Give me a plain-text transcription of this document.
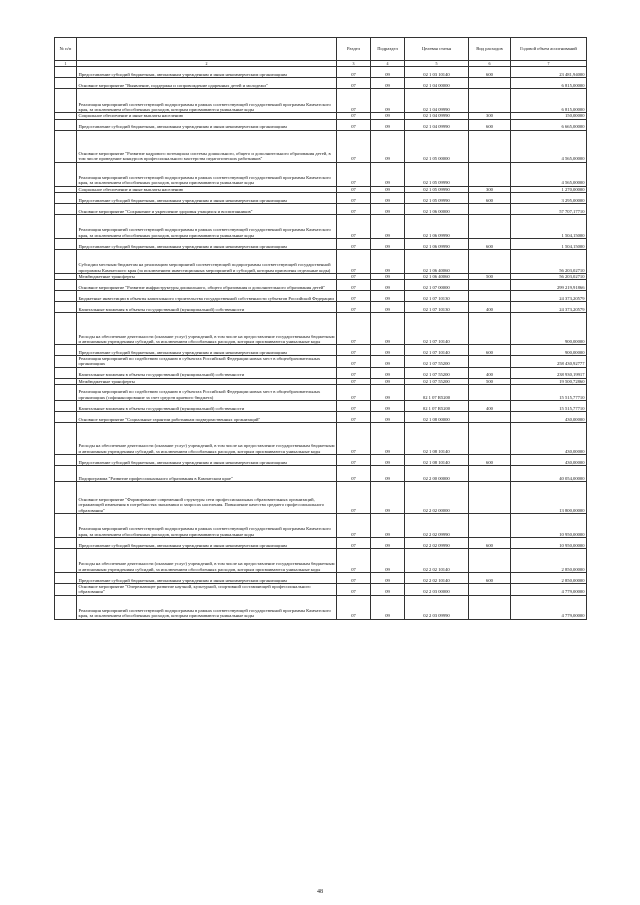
№ п/п		Раздел	Подраздел	Целевая статья	Вид расходов	Годовой объем ассигнований
1	2	3	4	5	6	7
	Предоставление субсидий бюджетным, автономным учреждениям и иным некоммерческим организациям	07	09	02 1 03 10140	600	23 481,94000
	Основное мероприятие "Выявление, поддержка и сопровождение одаренных детей и молодежи"	07	09	02 1 04 00000		6 815,00000
	Реализация мероприятий соответствующей подпрограммы в рамках соответствующей государственной программы Камчатского края, за исключением обособленных расходов, которым присваиваются уникальные коды	07	09	02 1 04 09990		6 815,00000
	Социальное обеспечение и иные выплаты населению	07	09	02 1 04 09990	300	150,00000
	Предоставление субсидий бюджетным, автономным учреждениям и иным некоммерческим организациям	07	09	02 1 04 09990	600	6 665,00000
	Основное мероприятие "Развитие кадрового потенциала системы дошкольного, общего и дополнительного образования детей, в том числе проведение конкурсов профессионального мастерства педагогических работников"	07	09	02 1 05 00000		4 565,00000
	Реализация мероприятий соответствующей подпрограммы в рамках соответствующей государственной программы Камчатского края, за исключением обособленных расходов, которым присваиваются уникальные коды	07	09	02 1 05 09990		4 565,00000
	Социальное обеспечение и иные выплаты населению	07	09	02 1 05 09990	300	1 270,00000
	Предоставление субсидий бюджетным, автономным учреждениям и иным некоммерческим организациям	07	09	02 1 05 09990	600	3 295,00000
	Основное мероприятие "Сохранение и укрепление здоровья учащихся и воспитанников"	07	09	02 1 06 00000		57 707,17710
	Реализация мероприятий соответствующей подпрограммы в рамках соответствующей государственной программы Камчатского края, за исключением обособленных расходов, которым присваиваются уникальные коды	07	09	02 1 06 09990		1 504,15000
	Предоставление субсидий бюджетным, автономным учреждениям и иным некоммерческим организациям	07	09	02 1 06 09990	600	1 504,15000
	Субсидии местным бюджетам на реализацию мероприятий соответствующей подпрограммы соответствующей государственной программы Камчатского края (за исключением инвестиционных мероприятий и субсидий, которым присвоены отдельные коды)	07	09	02 1 06 40060		56 203,02710
	Межбюджетные трансферты	07	09	02 1 06 40060	500	56 203,02710
	Основное мероприятие "Развитие инфраструктуры дошкольного, общего образования и дополнительного образования детей"	07	09	02 1 07 00000		299 219,91866
	Бюджетные инвестиции в объекты капитального строительства государственной собственности субъектов Российской Федерации	07	09	02 1 07 10130		24 373,20579
	Капитальные вложения в объекты государственной (муниципальной) собственности	07	09	02 1 07 10130	400	24 373,20579
	Расходы на обеспечение деятельности (оказание услуг) учреждений, в том числе на предоставление государственным бюджетным и автономным учреждениям субсидий, за исключением обособленных расходов, которым присваиваются уникальные коды	07	09	02 1 07 10140		900,00000
	Предоставление субсидий бюджетным, автономным учреждениям и иным некоммерческим организациям	07	09	02 1 07 10140	600	900,00000
	Реализация мероприятий по содействию созданию в субъектах Российской Федерации новых мест в общеобразовательных организациях	07	09	02 1 07 55200		258 430,92777
	Капитальные вложения в объекты государственной (муниципальной) собственности	07	09	02 1 07 55200	400	238 930,19917
	Межбюджетные трансферты	07	09	02 1 07 55200	500	19 500,72860
	Реализация мероприятий по содействию созданию в субъектах Российской Федерации новых мест в общеобразовательных организациях (софинансирование за счет средств краевого бюджета)	07	09	02 1 07 R5200		15 515,77710
	Капитальные вложения в объекты государственной (муниципальной) собственности	07	09	02 1 07 R5200	400	15 515,77710
	Основное мероприятие "Социальные гарантии работникам подведомственных организаций"	07	09	02 1 08 00000		430,00000
	Расходы на обеспечение деятельности (оказание услуг) учреждений, в том числе на предоставление государственным бюджетным и автономным учреждениям субсидий, за исключением обособленных расходов, которым присваиваются уникальные коды	07	09	02 1 08 10140		430,00000
	Предоставление субсидий бюджетным, автономным учреждениям и иным некоммерческим организациям	07	09	02 1 08 10140	600	430,00000
	Подпрограмма "Развитие профессионального образования в Камчатском крае"	07	09	02 2 00 00000		40 054,00000
	Основное мероприятие "Формирование современной структуры сети профессиональных образовательных организаций, отражающей изменения в потребностях экономики и запросах населения. Повышение качества среднего профессионального образования"	07	09	02 2 02 00000		13 800,00000
	Реализация мероприятий соответствующей подпрограммы в рамках соответствующей государственной программы Камчатского края, за исключением обособленных расходов, которым присваиваются уникальные коды	07	09	02 2 02 09990		10 950,00000
	Предоставление субсидий бюджетным, автономным учреждениям и иным некоммерческим организациям	07	09	02 2 02 09990	600	10 950,00000
	Расходы на обеспечение деятельности (оказание услуг) учреждений, в том числе на предоставление государственным бюджетным и автономным учреждениям субсидий, за исключением обособленных расходов, которым присваиваются уникальные коды	07	09	02 2 02 10140		2 850,00000
	Предоставление субсидий бюджетным, автономным учреждениям и иным некоммерческим организациям	07	09	02 2 02 10140	600	2 850,00000
	Основное мероприятие "Опережающее развитие научной, культурной, спортивной составляющей профессионального образования"	07	09	02 2 03 00000		4 779,00000
	Реализация мероприятий соответствующей подпрограммы в рамках соответствующей государственной программы Камчатского края, за исключением обособленных расходов, которым присваиваются уникальные коды	07	09	02 2 03 09990		4 779,00000
48
